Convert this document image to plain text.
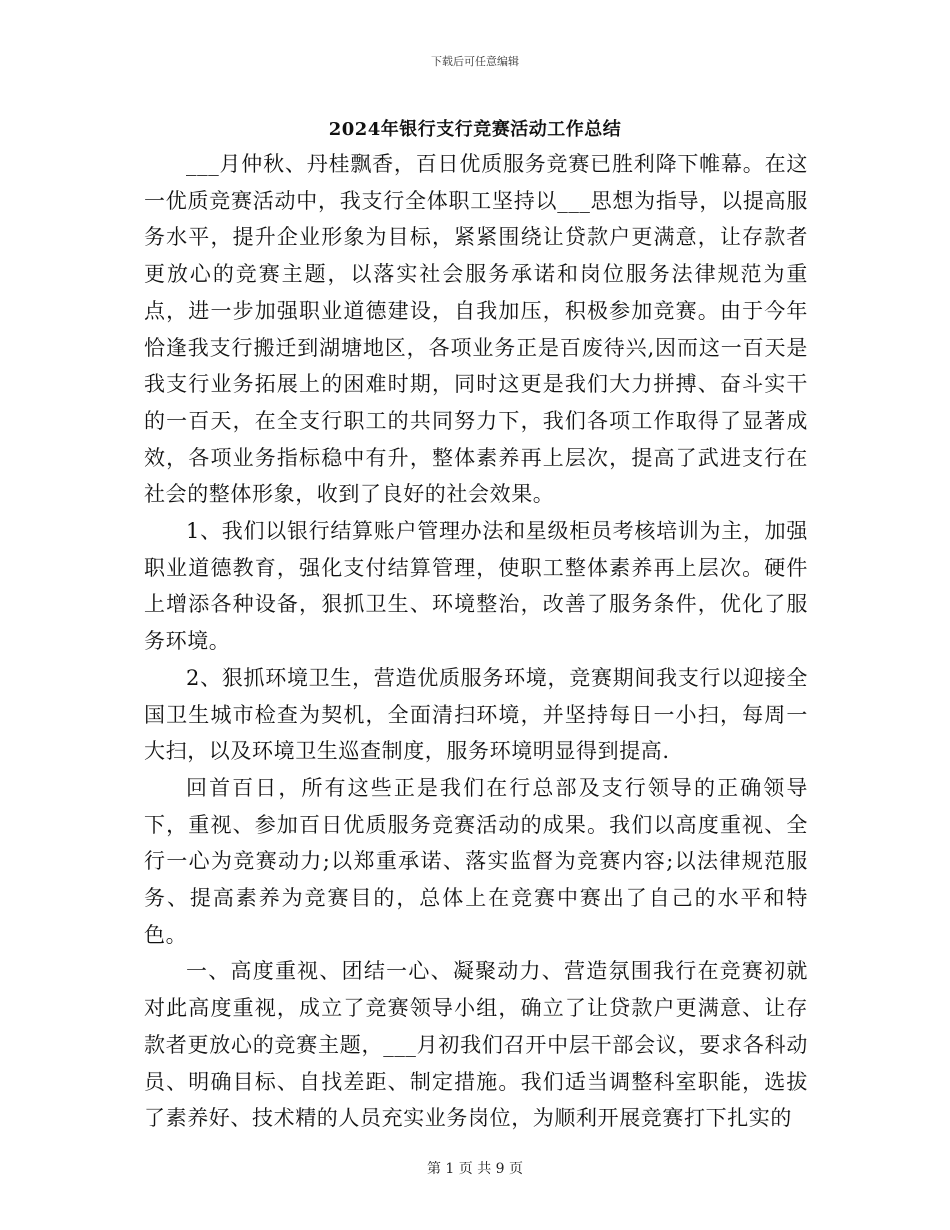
下载后可任意编辑
2024年银行支行竞赛活动工作总结

___月仲秋、丹桂飘香，百日优质服务竞赛已胜利降下帷幕。在这一优质竞赛活动中，我支行全体职工坚持以___思想为指导，以提高服务水平，提升企业形象为目标，紧紧围绕让贷款户更满意，让存款者更放心的竞赛主题，以落实社会服务承诺和岗位服务法律规范为重点，进一步加强职业道德建设，自我加压，积极参加竞赛。由于今年恰逢我支行搬迁到湖塘地区，各项业务正是百废待兴,因而这一百天是我支行业务拓展上的困难时期，同时这更是我们大力拼搏、奋斗实干的一百天，在全支行职工的共同努力下，我们各项工作取得了显著成效，各项业务指标稳中有升，整体素养再上层次，提高了武进支行在社会的整体形象，收到了良好的社会效果。

1、我们以银行结算账户管理办法和星级柜员考核培训为主，加强职业道德教育，强化支付结算管理，使职工整体素养再上层次。硬件上增添各种设备，狠抓卫生、环境整治，改善了服务条件，优化了服务环境。

2、狠抓环境卫生，营造优质服务环境，竞赛期间我支行以迎接全国卫生城市检查为契机，全面清扫环境，并坚持每日一小扫，每周一大扫，以及环境卫生巡查制度，服务环境明显得到提高.

回首百日，所有这些正是我们在行总部及支行领导的正确领导下，重视、参加百日优质服务竞赛活动的成果。我们以高度重视、全行一心为竞赛动力;以郑重承诺、落实监督为竞赛内容;以法律规范服务、提高素养为竞赛目的，总体上在竞赛中赛出了自己的水平和特色。

一、高度重视、团结一心、凝聚动力、营造氛围我行在竞赛初就对此高度重视，成立了竞赛领导小组，确立了让贷款户更满意、让存款者更放心的竞赛主题，___月初我们召开中层干部会议，要求各科动员、明确目标、自找差距、制定措施。我们适当调整科室职能，选拔了素养好、技术精的人员充实业务岗位，为顺利开展竞赛打下扎实的

第 1 页 共 9 页
